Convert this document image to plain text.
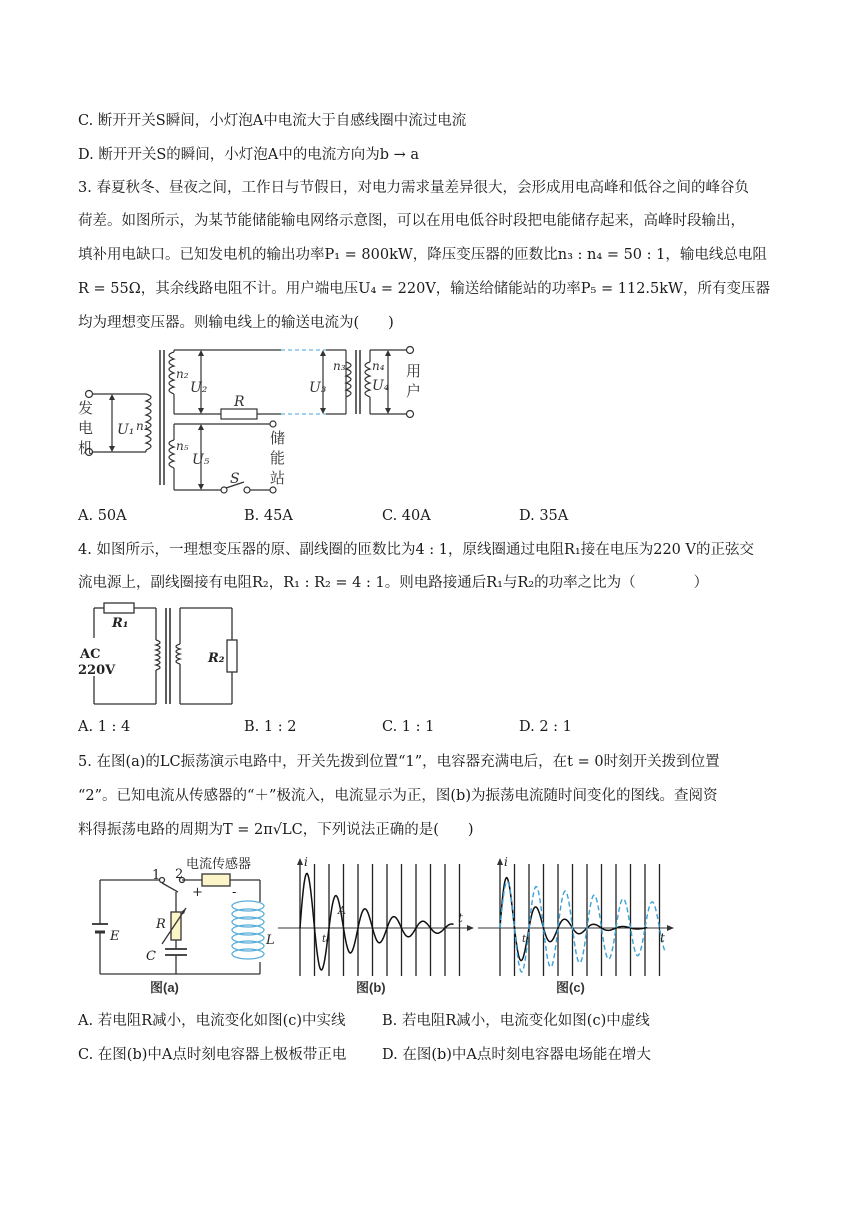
C. 断开开关S瞬间，小灯泡A中电流大于自感线圈中流过电流
D. 断开开关S的瞬间，小灯泡A中的电流方向为b → a
3. 春夏秋冬、昼夜之间，工作日与节假日，对电力需求量差异很大，会形成用电高峰和低谷之间的峰谷负
荷差。如图所示，为某节能储能输电网络示意图，可以在用电低谷时段把电能储存起来，高峰时段输出，
填补用电缺口。已知发电机的输出功率P₁ = 800kW，降压变压器的匝数比n₃ : n₄ = 50 : 1，输电线总电阻
R = 55Ω，其余线路电阻不计。用户端电压U₄ = 220V，输送给储能站的功率P₅ = 112.5kW，所有变压器
均为理想变压器。则输电线上的输送电流为(　　)
U₁ n₁
n₂
U₂
R
n₃
U₃
n₄
U₄
n₅
U₅
S
发电机
用户
储能站
A. 50A	B. 45A	C. 40A	D. 35A
4. 如图所示，一理想变压器的原、副线圈的匝数比为4 : 1，原线圈通过电阻R₁接在电压为220 V的正弦交
流电源上，副线圈接有电阻R₂，R₁ : R₂ = 4 : 1。则电路接通后R₁与R₂的功率之比为（　　　　）
R₁
R₂
AC
220V
A. 1 : 4	B. 1 : 2	C. 1 : 1	D. 2 : 1
5. 在图(a)的LC振荡演示电路中，开关先拨到位置“1”，电容器充满电后，在t = 0时刻开关拨到位置
“2”。已知电流从传感器的“＋”极流入，电流显示为正，图(b)为振荡电流随时间变化的图线。查阅资
料得振荡电路的周期为T = 2π√LC，下列说法正确的是(　　)
电流传感器
1 2
+ -
E
R
C
L
图(a)
i
t
t₀
A
图(b)
i
t
t₀
图(c)
A. 若电阻R减小，电流变化如图(c)中实线	B. 若电阻R减小，电流变化如图(c)中虚线
C. 在图(b)中A点时刻电容器上极板带正电 D. 在图(b)中A点时刻电容器电场能在增大
